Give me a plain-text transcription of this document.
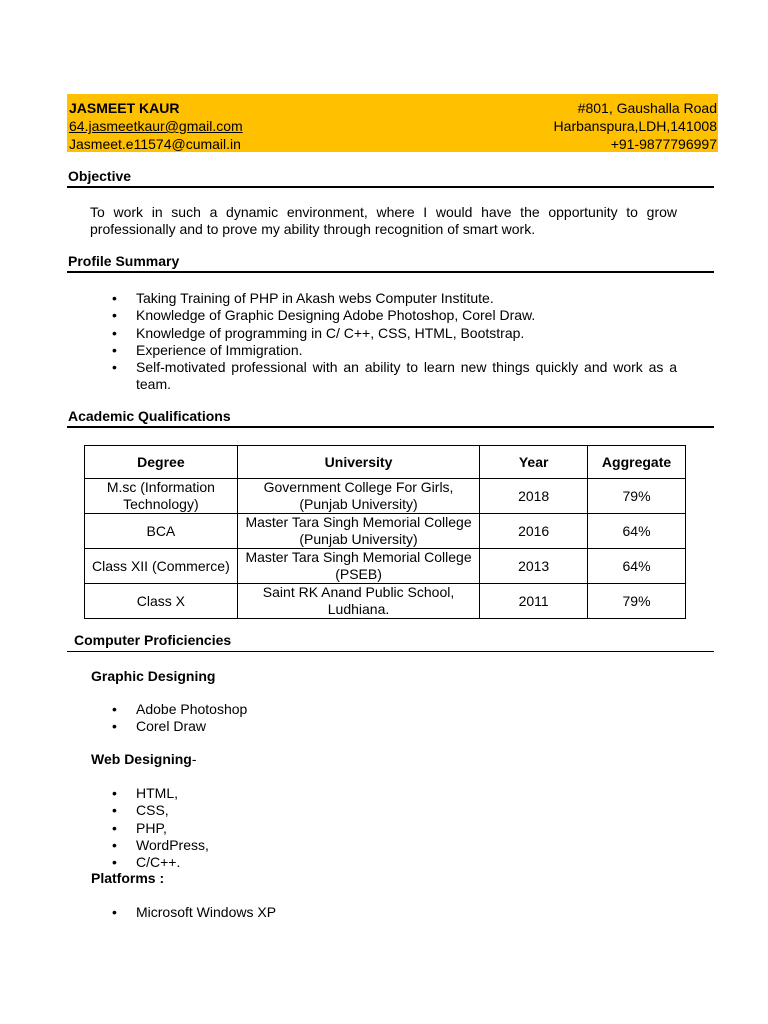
JASMEET KAUR
64.jasmeetkaur@gmail.com
Jasmeet.e11574@cumail.in
#801, Gaushalla Road
Harbanspura,LDH,141008
+91-9877796997
Objective
To work in such a dynamic environment, where I would have the opportunity to grow professionally and to prove my ability through recognition of smart work.
Profile Summary
• Taking Training of PHP in Akash webs Computer Institute.
• Knowledge of Graphic Designing Adobe Photoshop, Corel Draw.
• Knowledge of programming in C/ C++, CSS, HTML, Bootstrap.
• Experience of Immigration.
• Self-motivated professional with an ability to learn new things quickly and work as a team.
Academic Qualifications
Degree	University	Year	Aggregate
M.sc (Information Technology)	Government College For Girls, (Punjab University)	2018	79%
BCA	Master Tara Singh Memorial College (Punjab University)	2016	64%
Class XII (Commerce)	Master Tara Singh Memorial College (PSEB)	2013	64%
Class X	Saint RK Anand Public School, Ludhiana.	2011	79%
Computer Proficiencies
Graphic Designing
• Adobe Photoshop
• Corel Draw
Web Designing-
• HTML,
• CSS,
• PHP,
• WordPress,
• C/C++.
Platforms :
• Microsoft Windows XP
